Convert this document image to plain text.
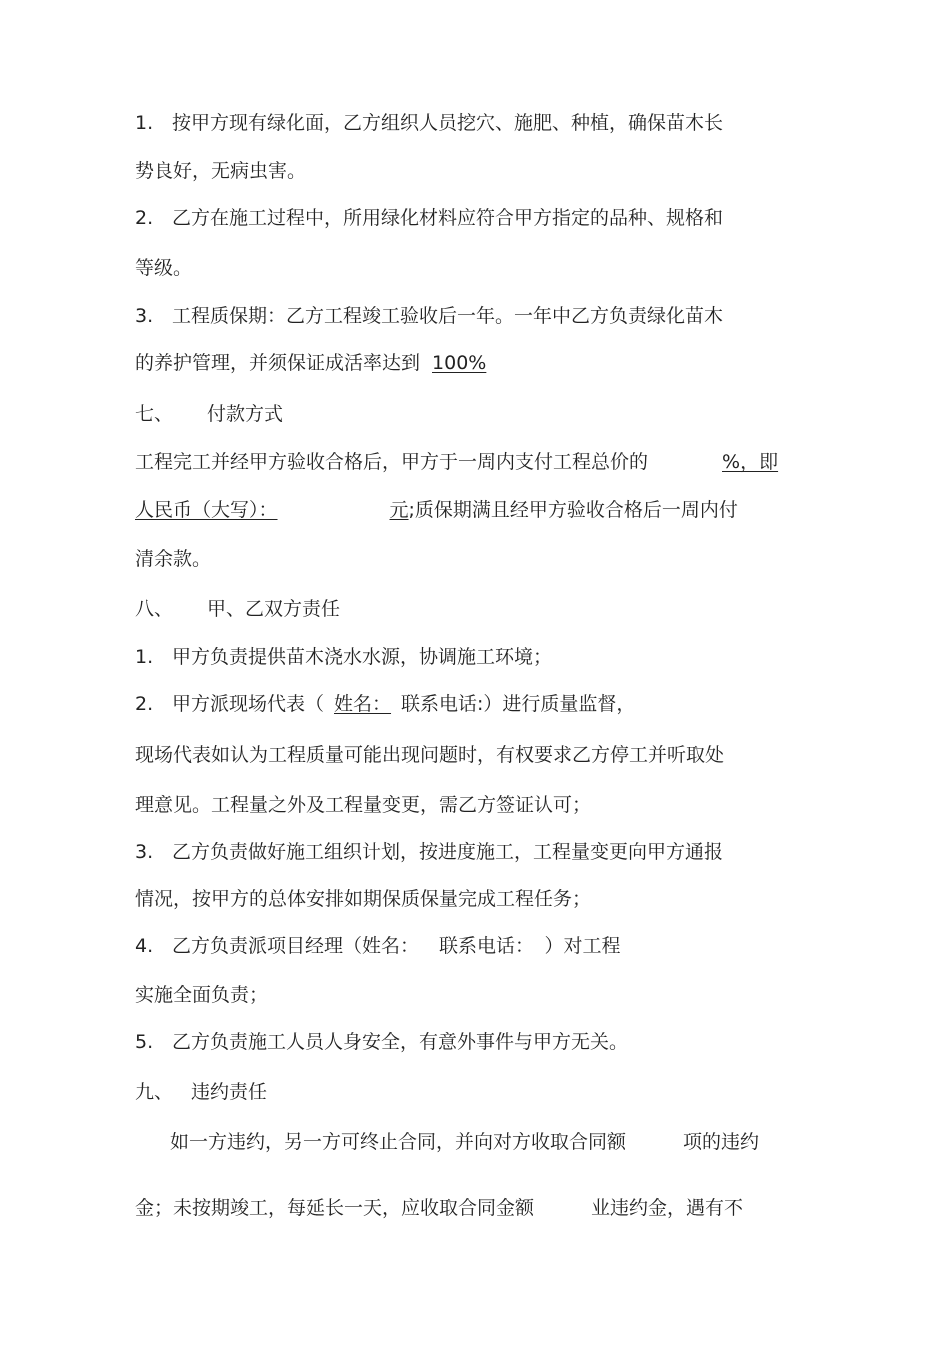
1. 按甲方现有绿化面，乙方组织人员挖穴、施肥、种植，确保苗木长
势良好，无病虫害。
2. 乙方在施工过程中，所用绿化材料应符合甲方指定的品种、规格和
等级。
3. 工程质保期：乙方工程竣工验收后一年。一年中乙方负责绿化苗木
的养护管理，并须保证成活率达到 100%
七、 付款方式
工程完工并经甲方验收合格后，甲方于一周内支付工程总价的	%，即
人民币（大写）：	元;质保期满且经甲方验收合格后一周内付
清余款。
八、 甲、乙双方责任
1. 甲方负责提供苗木浇水水源，协调施工环境；
2. 甲方派现场代表（ 姓名： 联系电话:）进行质量监督，
现场代表如认为工程质量可能出现问题时，有权要求乙方停工并听取处
理意见。工程量之外及工程量变更，需乙方签证认可；
3. 乙方负责做好施工组织计划，按进度施工，工程量变更向甲方通报
情况，按甲方的总体安排如期保质保量完成工程任务；
4. 乙方负责派项目经理（姓名： 联系电话： ）对工程
实施全面负责；
5. 乙方负责施工人员人身安全，有意外事件与甲方无关。
九、 违约责任
如一方违约，另一方可终止合同，并向对方收取合同额	项的违约
金；未按期竣工，每延长一天，应收取合同金额	业违约金，遇有不
